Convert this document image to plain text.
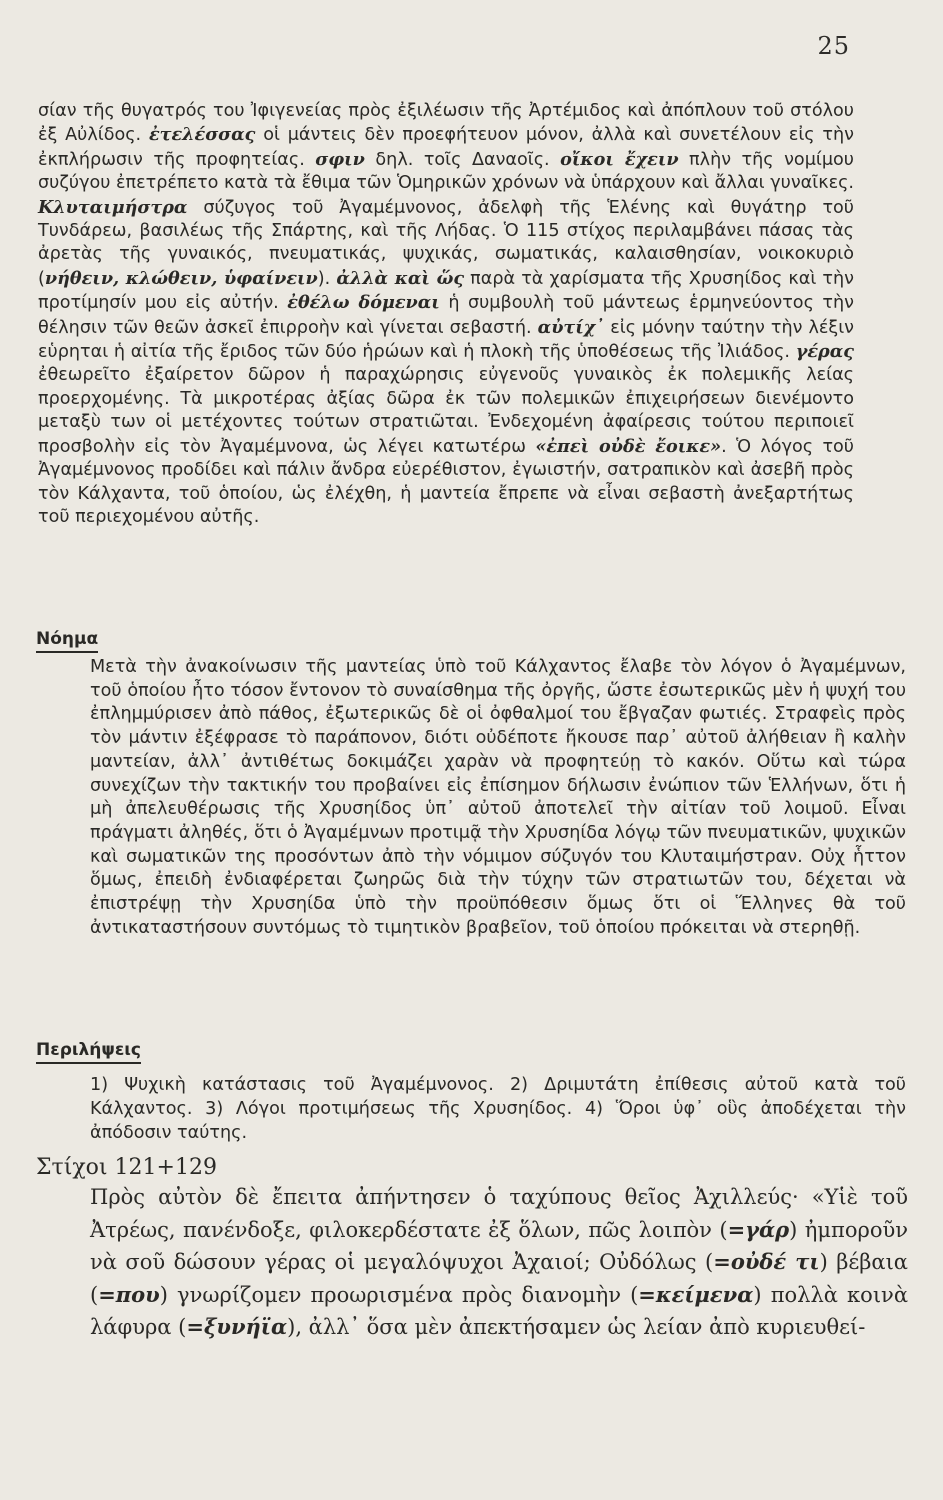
25
σίαν τῆς θυγατρός του Ἰφιγενείας πρὸς ἐξιλέωσιν τῆς Ἀρτέμιδος καὶ ἀπόπλουν τοῦ στόλου ἐξ Αὐλίδος. ἐτελέσσας οἱ μάντεις δὲν προεφήτευον μόνον, ἀλλὰ καὶ συνετέλουν εἰς τὴν ἐκπλήρωσιν τῆς προφητείας. σφιν δηλ. τοῖς Δαναοῖς. οἴκοι ἔχειν πλὴν τῆς νομίμου συζύγου ἐπετρέπετο κατὰ τὰ ἔθιμα τῶν Ὁμηρικῶν χρόνων νὰ ὑπάρχουν καὶ ἄλλαι γυναῖκες. Κλυταιμήστρα σύζυγος τοῦ Ἀγαμέμνονος, ἀδελφὴ τῆς Ἑλένης καὶ θυγάτηρ τοῦ Τυνδάρεω, βασιλέως τῆς Σπάρτης, καὶ τῆς Λήδας. Ὁ 115 στίχος περιλαμβάνει πάσας τὰς ἀρετὰς τῆς γυναικός, πνευματικάς, ψυχικάς, σωματικάς, καλαισθησίαν, νοικοκυριὸ (νήθειν, κλώθειν, ὑφαίνειν). ἀλλὰ καὶ ὥς παρὰ τὰ χαρίσματα τῆς Χρυσηίδος καὶ τὴν προτίμησίν μου εἰς αὐτήν. ἐθέλω δόμεναι ἡ συμβουλὴ τοῦ μάντεως ἑρμηνεύοντος τὴν θέλησιν τῶν θεῶν ἀσκεῖ ἐπιρροὴν καὶ γίνεται σεβαστή. αὐτίχ᾽ εἰς μόνην ταύτην τὴν λέξιν εὑρηται ἡ αἰτία τῆς ἔριδος τῶν δύο ἡρώων καὶ ἡ πλοκὴ τῆς ὑποθέσεως τῆς Ἰλιάδος. γέρας ἐθεωρεῖτο ἐξαίρετον δῶρον ἡ παραχώρησις εὐγενοῦς γυναικὸς ἐκ πολεμικῆς λείας προερχομένης. Τὰ μικροτέρας ἀξίας δῶρα ἐκ τῶν πολεμικῶν ἐπιχειρήσεων διενέμοντο μεταξὺ των οἱ μετέχοντες τούτων στρατιῶται. Ἐνδεχομένη ἀφαίρεσις τούτου περιποιεῖ προσβολὴν εἰς τὸν Ἀγαμέμνονα, ὡς λέγει κατωτέρω «ἐπεὶ οὐδὲ ἔοικε». Ὁ λόγος τοῦ Ἀγαμέμνονος προδίδει καὶ πάλιν ἄνδρα εὐερέθιστον, ἐγωιστήν, σατραπικὸν καὶ ἀσεβῆ πρὸς τὸν Κάλχαντα, τοῦ ὁποίου, ὡς ἐλέχθη, ἡ μαντεία ἔπρεπε νὰ εἶναι σεβαστὴ ἀνεξαρτήτως τοῦ περιεχομένου αὐτῆς.
Νόημα
Μετὰ τὴν ἀνακοίνωσιν τῆς μαντείας ὑπὸ τοῦ Κάλχαντος ἔλαβε τὸν λόγον ὁ Ἀγαμέμνων, τοῦ ὁποίου ἦτο τόσον ἔντονον τὸ συναίσθημα τῆς ὀργῆς, ὥστε ἐσωτερικῶς μὲν ἡ ψυχή του ἐπλημμύρισεν ἀπὸ πάθος, ἐξωτερικῶς δὲ οἱ ὀφθαλμοί του ἔβγαζαν φωτιές. Στραφεὶς πρὸς τὸν μάντιν ἐξέφρασε τὸ παράπονον, διότι οὐδέποτε ἤκουσε παρ᾽ αὐτοῦ ἀλήθειαν ἢ καλὴν μαντείαν, ἀλλ᾽ ἀντιθέτως δοκιμάζει χαρὰν νὰ προφητεύῃ τὸ κακόν. Οὕτω καὶ τώρα συνεχίζων τὴν τακτικήν του προβαίνει εἰς ἐπίσημον δήλωσιν ἐνώπιον τῶν Ἑλλήνων, ὅτι ἡ μὴ ἀπελευθέρωσις τῆς Χρυσηίδος ὑπ᾽ αὐτοῦ ἀποτελεῖ τὴν αἰτίαν τοῦ λοιμοῦ. Εἶναι πράγματι ἀληθές, ὅτι ὁ Ἀγαμέμνων προτιμᾷ τὴν Χρυσηίδα λόγῳ τῶν πνευματικῶν, ψυχικῶν καὶ σωματικῶν της προσόντων ἀπὸ τὴν νόμιμον σύζυγόν του Κλυταιμήστραν. Οὐχ ἧττον ὅμως, ἐπειδὴ ἐνδιαφέρεται ζωηρῶς διὰ τὴν τύχην τῶν στρατιωτῶν του, δέχεται νὰ ἐπιστρέψῃ τὴν Χρυσηίδα ὑπὸ τὴν προϋπόθεσιν ὅμως ὅτι οἱ Ἕλληνες θὰ τοῦ ἀντικαταστήσουν συντόμως τὸ τιμητικὸν βραβεῖον, τοῦ ὁποίου πρόκειται νὰ στερηθῇ.
Περιλήψεις
1) Ψυχικὴ κατάστασις τοῦ Ἀγαμέμνονος. 2) Δριμυτάτη ἐπίθεσις αὐτοῦ κατὰ τοῦ Κάλχαντος. 3) Λόγοι προτιμήσεως τῆς Χρυσηίδος. 4) Ὅροι ὑφ᾽ οὓς ἀποδέχεται τὴν ἀπόδοσιν ταύτης.
Στίχοι 121+129
Πρὸς αὐτὸν δὲ ἔπειτα ἀπήντησεν ὁ ταχύπους θεῖος Ἀχιλλεύς· «Υἱὲ τοῦ Ἀτρέως, πανένδοξε, φιλοκερδέστατε ἐξ ὅλων, πῶς λοιπὸν (=γάρ) ἠμποροῦν νὰ σοῦ δώσουν γέρας οἱ μεγαλόψυχοι Ἀχαιοί; Οὐδόλως (=οὐδέ τι) βέβαια (=που) γνωρίζομεν προωρισμένα πρὸς διανομὴν (=κείμενα) πολλὰ κοινὰ λάφυρα (=ξυνήϊα), ἀλλ᾽ ὅσα μὲν ἀπεκτήσαμεν ὡς λείαν ἀπὸ κυριευθεί-
